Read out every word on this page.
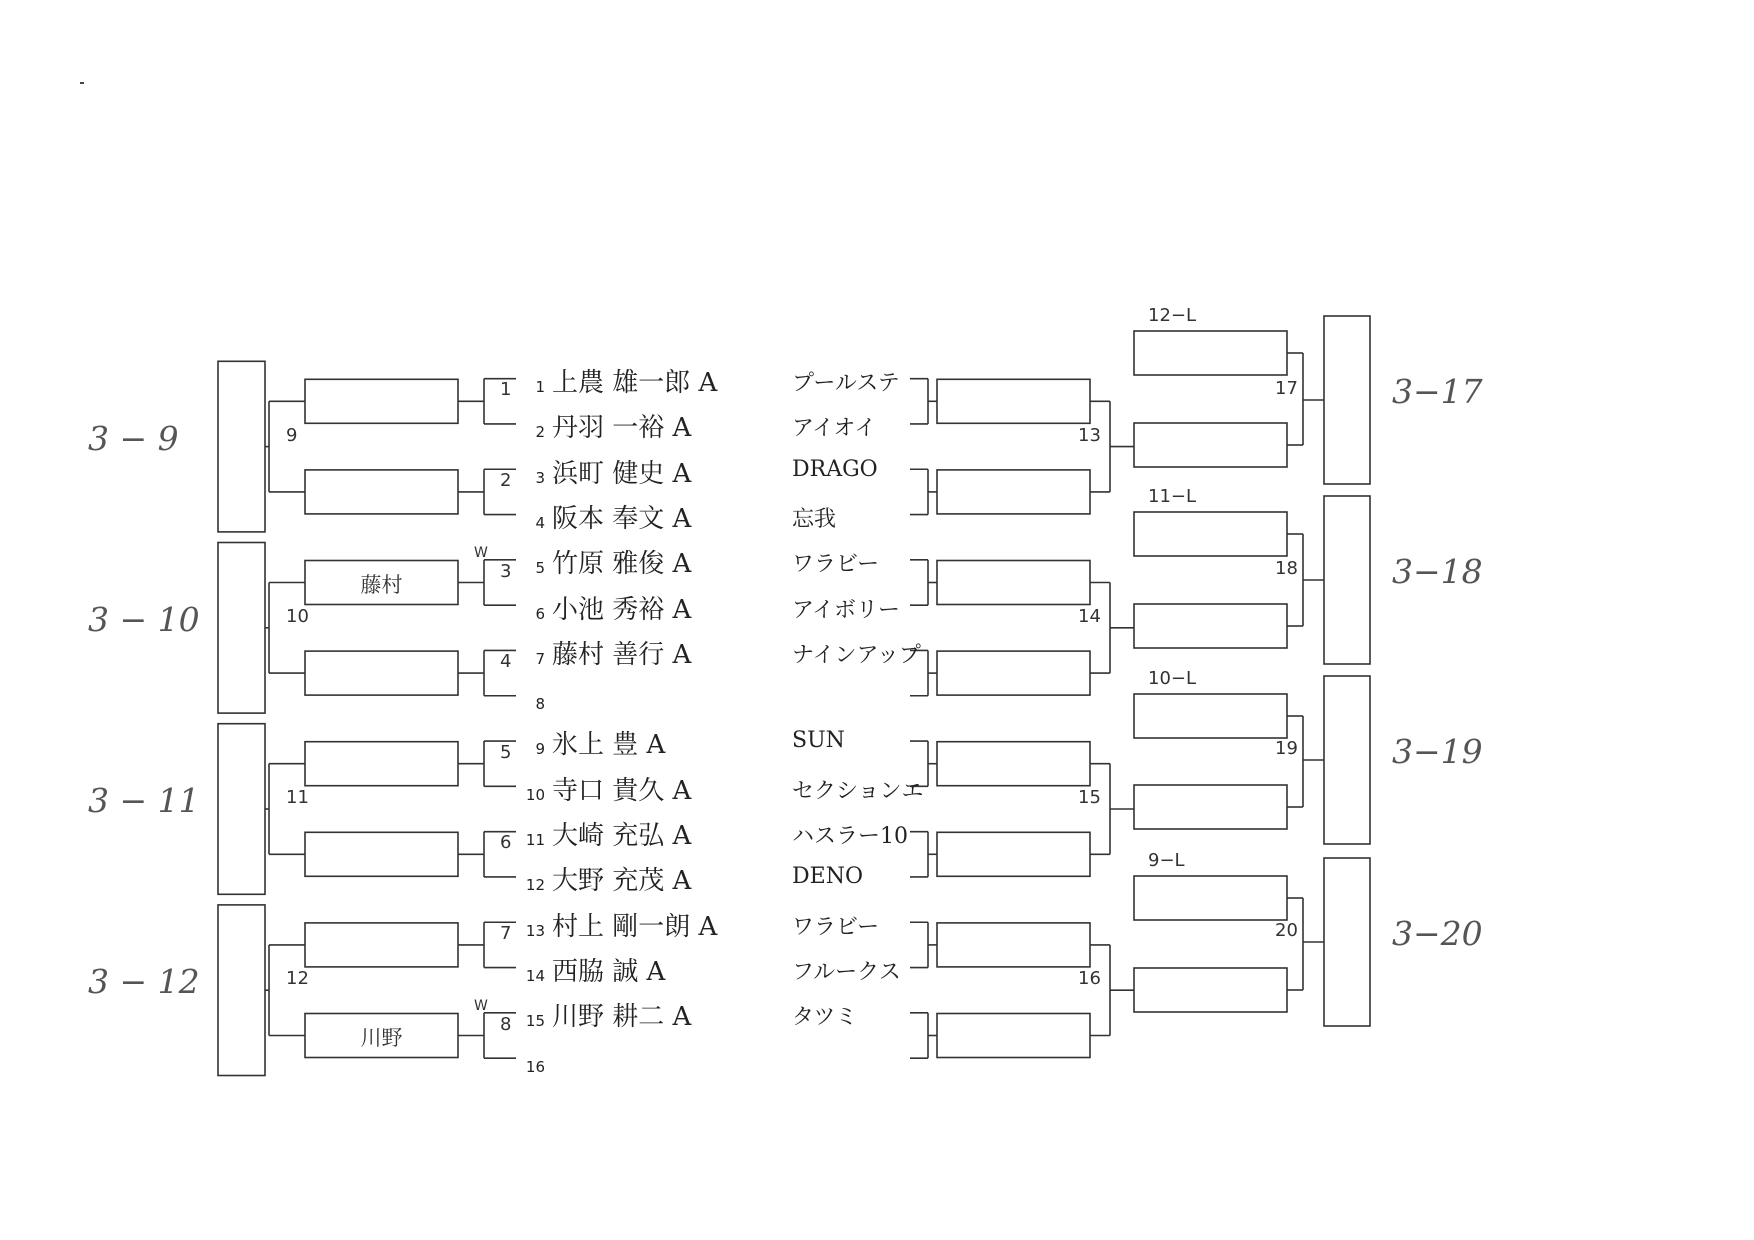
1 上農 雄一郎 A	プールステ
2 丹羽 一裕 A	アイオイ
3 浜町 健史 A	DRAGO
4 阪本 奉文 A	忘我
5 竹原 雅俊 A	ワラビー
6 小池 秀裕 A	アイボリー
7 藤村 善行 A	ナインアップ
8
9 氷上 豊 A	SUN
10 寺口 貴久 A	セクションエ
11 大崎 充弘 A	ハスラー10
12 大野 充茂 A	DENO
13 村上 剛一朗 A	ワラビー
14 西脇 誠 A	フルークス
15 川野 耕二 A	タツミ
16
1
2
3
4
5
6
7
8
9
3 − 9
10
3 − 10
11
3 − 11
12
3 − 12
藤村
W
川野
W
13
14
15
16
12−L
17	3−17
11−L
18	3−18
10−L
19	3−19
9−L
20	3−20
